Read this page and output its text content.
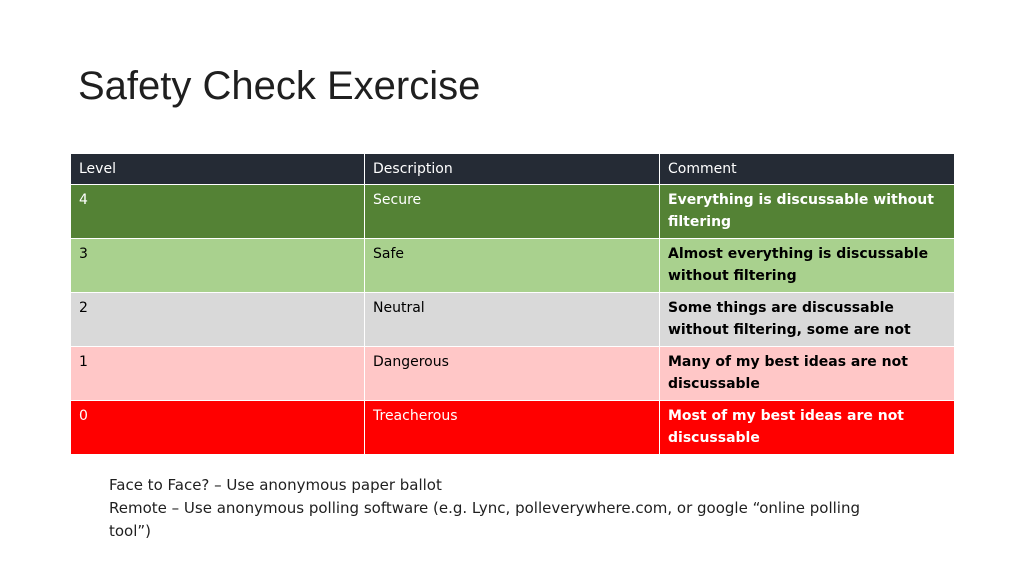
Safety Check Exercise
Level	Description	Comment
4	Secure	Everything is discussable without filtering
3	Safe	Almost everything is discussable without filtering
2	Neutral	Some things are discussable without filtering, some are not
1	Dangerous	Many of my best ideas are not discussable
0	Treacherous	Most of my best ideas are not discussable

Face to Face? – Use anonymous paper ballot

Remote – Use anonymous polling software (e.g. Lync, polleverywhere.com, or google “online polling tool”)
